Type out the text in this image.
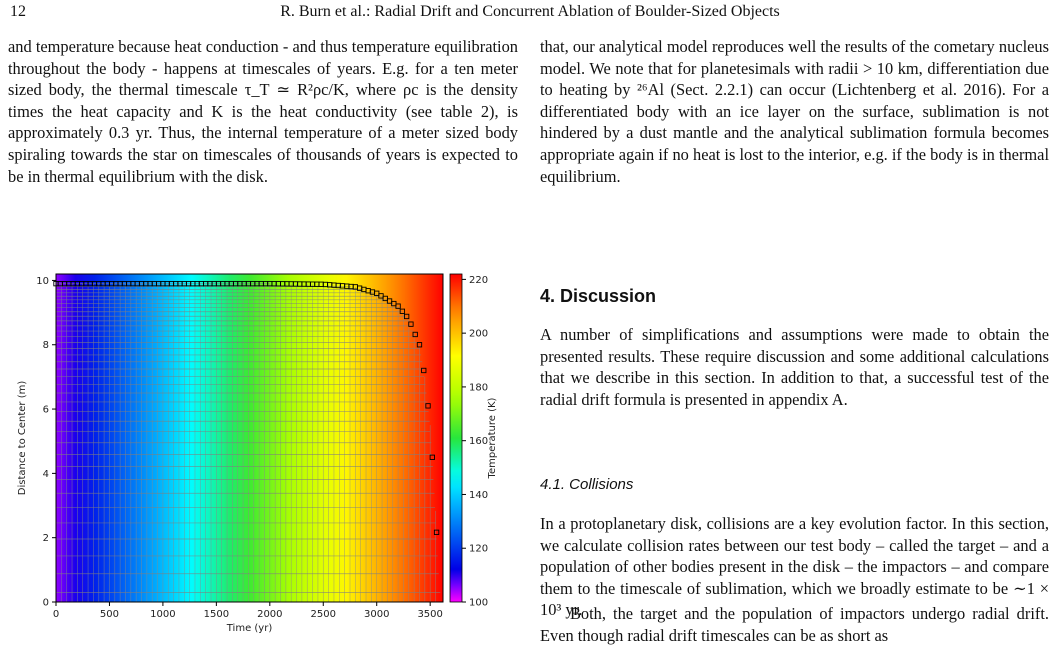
12	R. Burn et al.: Radial Drift and Concurrent Ablation of Boulder-Sized Objects

and temperature because heat conduction - and thus temperature equilibration throughout the body - happens at timescales of years. E.g. for a ten meter sized body, the thermal timescale τ_T ≃ R²ρc/K, where ρc is the density times the heat capacity and K is the heat conductivity (see table 2), is approximately 0.3 yr. Thus, the internal temperature of a meter sized body spiraling towards the star on timescales of thousands of years is expected to be in thermal equilibrium with the disk.

that, our analytical model reproduces well the results of the cometary nucleus model. We note that for planetesimals with radii > 10 km, differentiation due to heating by ²⁶Al (Sect. 2.2.1) can occur (Lichtenberg et al. 2016). For a differentiated body with an ice layer on the surface, sublimation is not hindered by a dust mantle and the analytical sublimation formula becomes appropriate again if no heat is lost to the interior, e.g. if the body is in thermal equilibrium.

4. Discussion
A number of simplifications and assumptions were made to obtain the presented results. These require discussion and some additional calculations that we describe in this section. In addition to that, a successful test of the radial drift formula is presented in appendix A.
4.1. Collisions
In a protoplanetary disk, collisions are a key evolution factor. In this section, we calculate collision rates between our test body – called the target – and a population of other bodies present in the disk – the impactors – and compare them to the timescale of sublimation, which we broadly estimate to be ∼1 × 10³ yr.
Both, the target and the population of impactors undergo radial drift. Even though radial drift timescales can be as short as
0	500	1000	1500	2000	2500	3000	3500
0
2
4
6
8
10
100
120
140
160
180
200
220
Time (yr)
Distance to Center (m)	Temperature (K)
